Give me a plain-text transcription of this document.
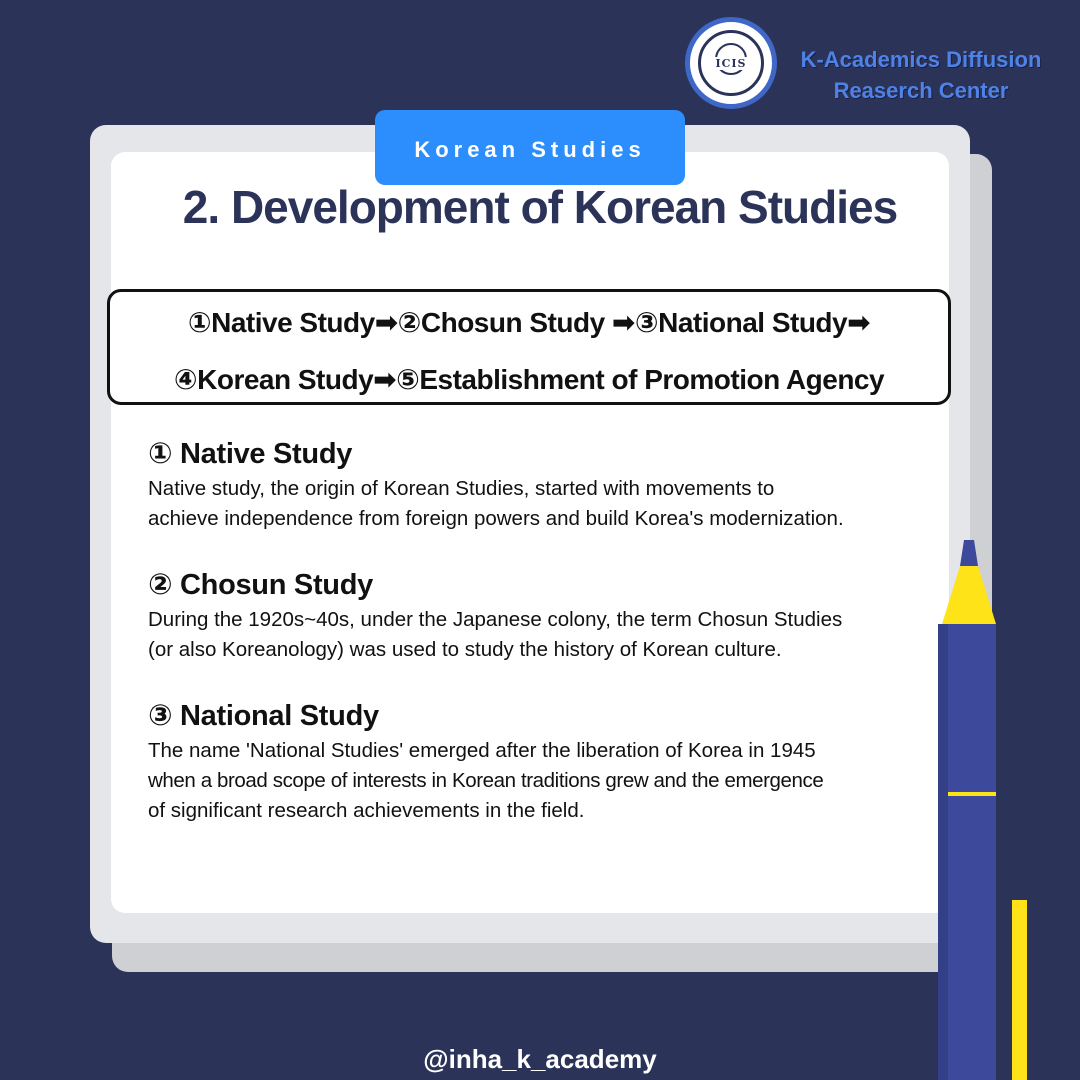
ICIS	K-Academics Diffusion
Reaserch Center
Korean Studies
2. Development of Korean Studies
①Native Study➡②Chosun Study ➡③National Study➡
④Korean Study➡⑤Establishment of Promotion Agency
① Native Study
Native study, the origin of Korean Studies, started with movements to
achieve independence from foreign powers and build Korea's modernization.
② Chosun Study
During the 1920s~40s, under the Japanese colony, the term Chosun Studies
(or also Koreanology) was used to study the history of Korean culture.
③ National Study
The name 'National Studies' emerged after the liberation of Korea in 1945
when a broad scope of interests in Korean traditions grew and the emergence
of significant research achievements in the field.
@inha_k_academy
